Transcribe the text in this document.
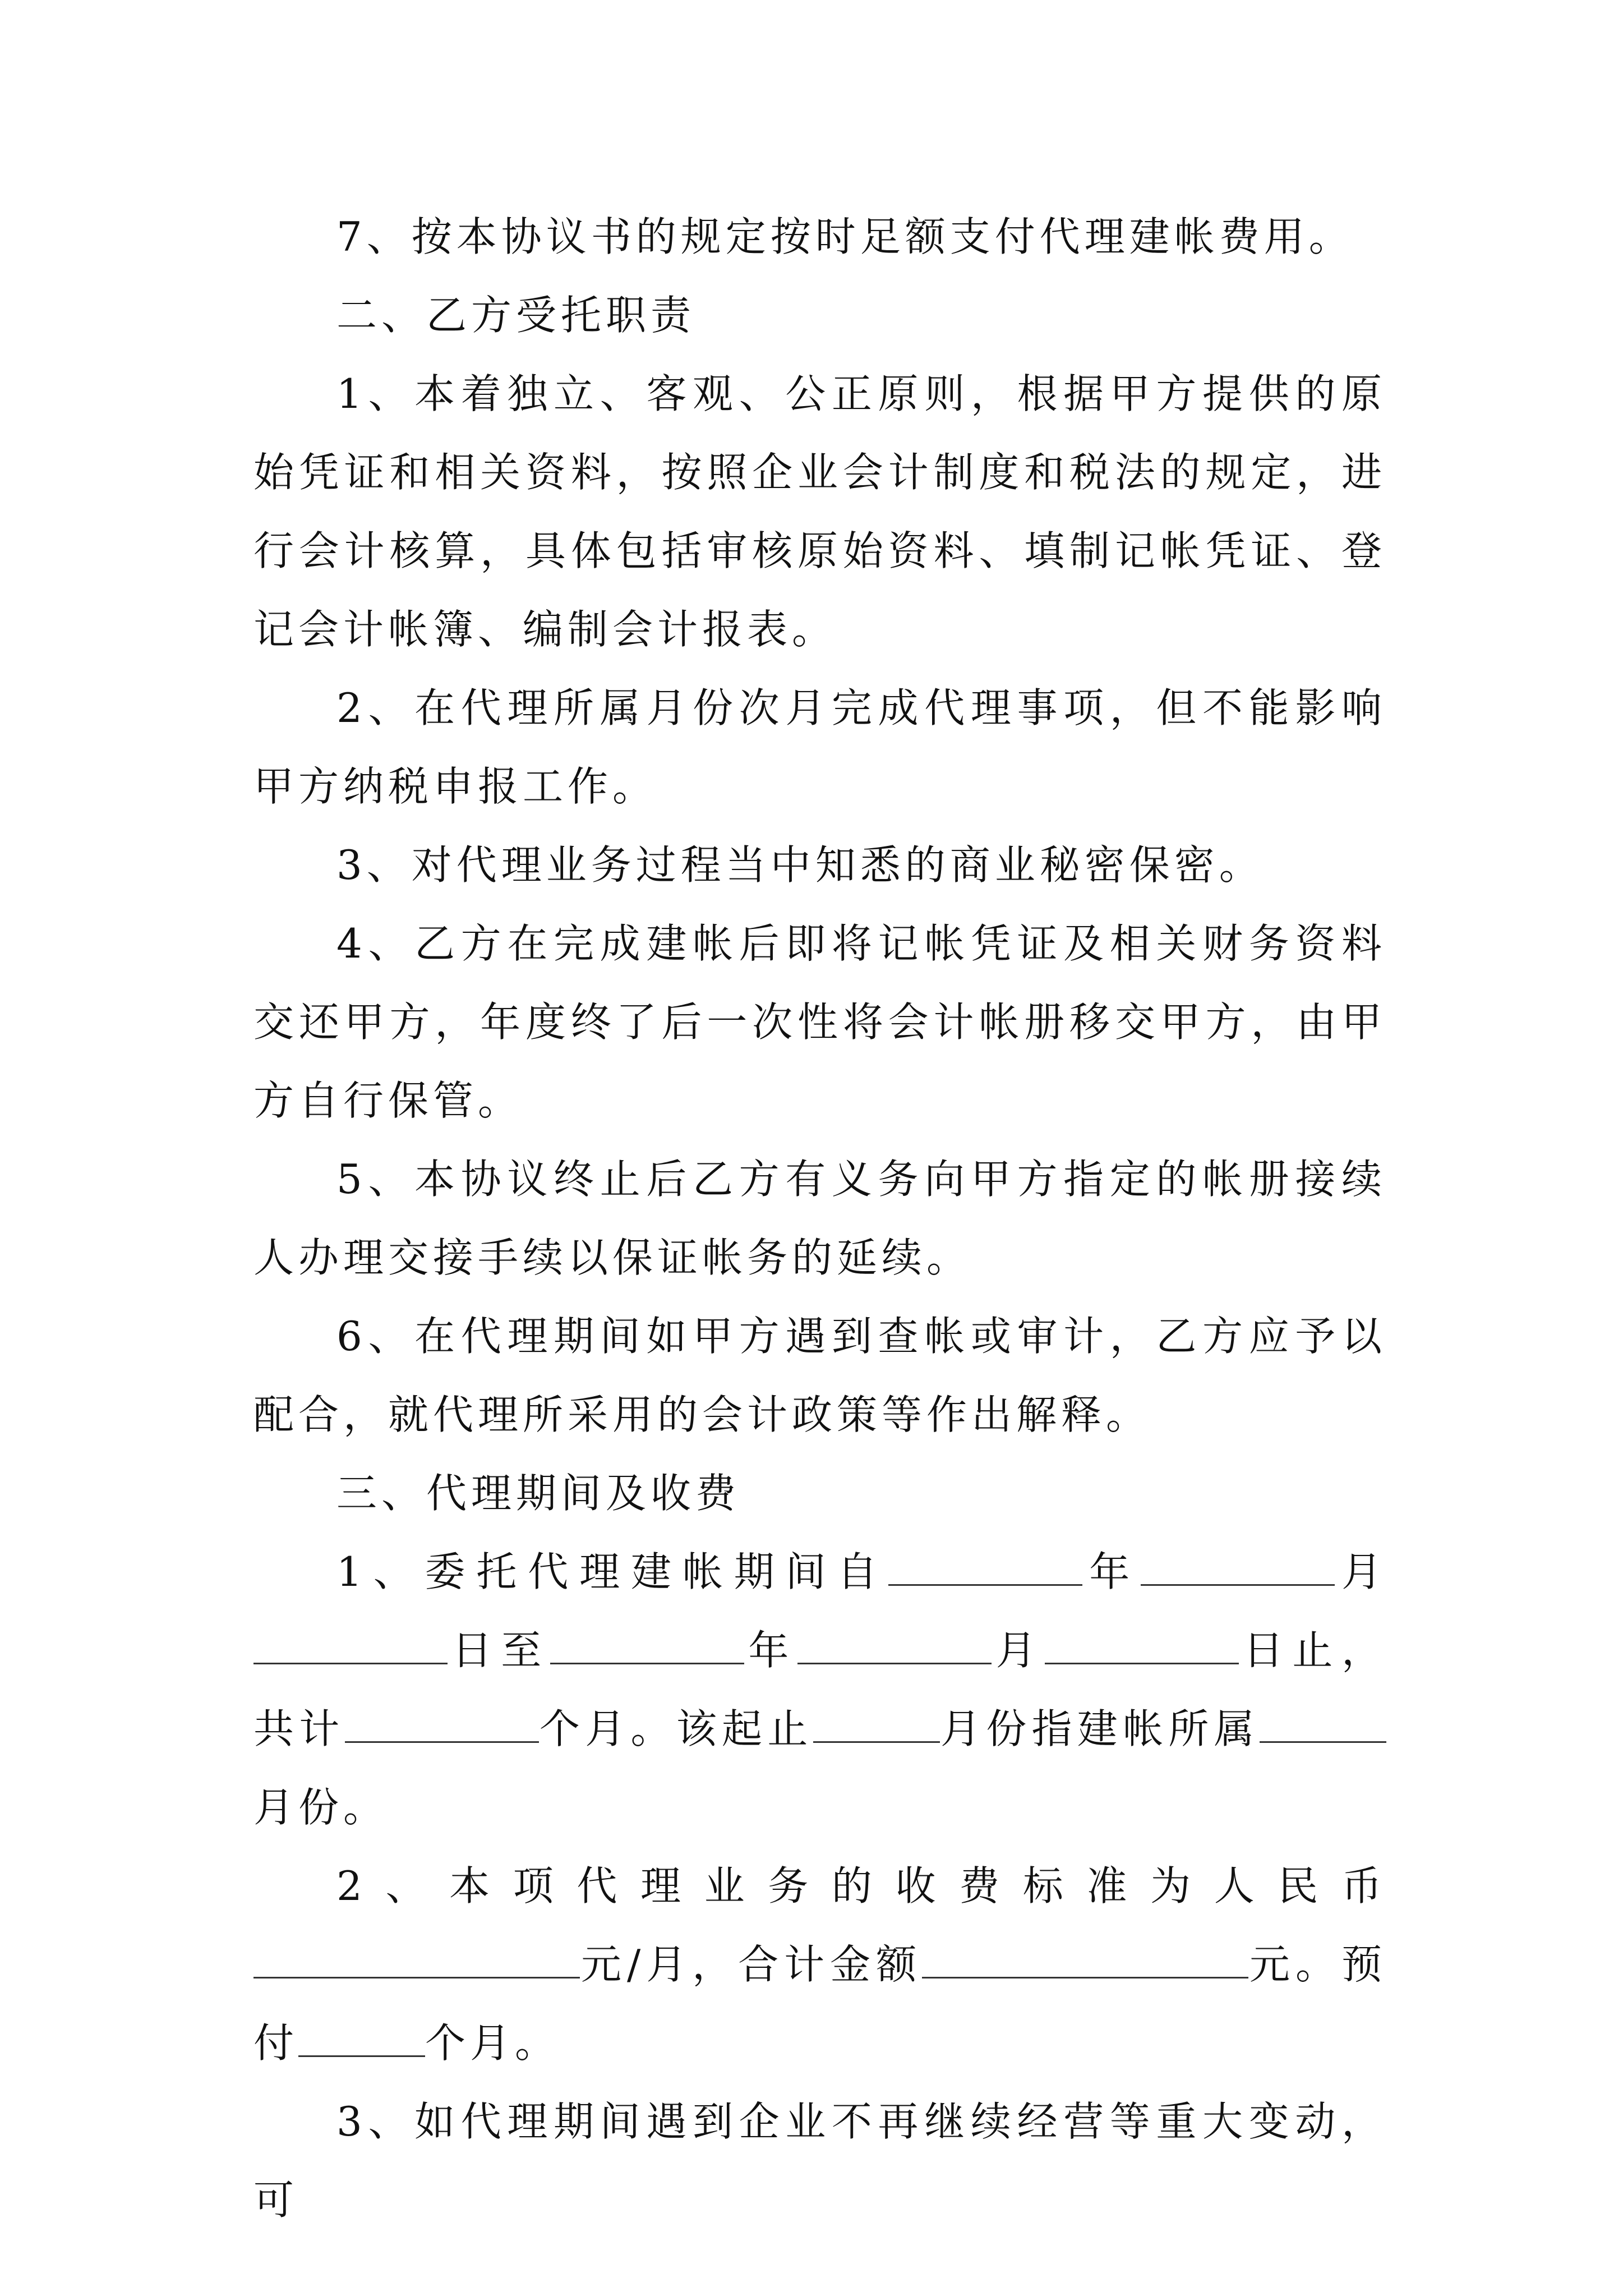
7、按本协议书的规定按时足额支付代理建帐费用。

二、乙方受托职责

1、本着独立、客观、公正原则，根据甲方提供的原始凭证和相关资料，按照企业会计制度和税法的规定，进行会计核算，具体包括审核原始资料、填制记帐凭证、登记会计帐簿、编制会计报表。

2、在代理所属月份次月完成代理事项，但不能影响甲方纳税申报工作。

3、对代理业务过程当中知悉的商业秘密保密。

4、乙方在完成建帐后即将记帐凭证及相关财务资料交还甲方，年度终了后一次性将会计帐册移交甲方，由甲方自行保管。

5、本协议终止后乙方有义务向甲方指定的帐册接续人办理交接手续以保证帐务的延续。

6、在代理期间如甲方遇到查帐或审计，乙方应予以配合，就代理所采用的会计政策等作出解释。

三、代理期间及收费

1、委托代理建帐期间自	年	月日至	年	月	日止，共计	个月。该起止	月份指建帐所属月份。

2、本项代理业务的收费标准为人民币元/月，合计金额	元。预付	个月。

3、如代理期间遇到企业不再继续经营等重大变动，可
